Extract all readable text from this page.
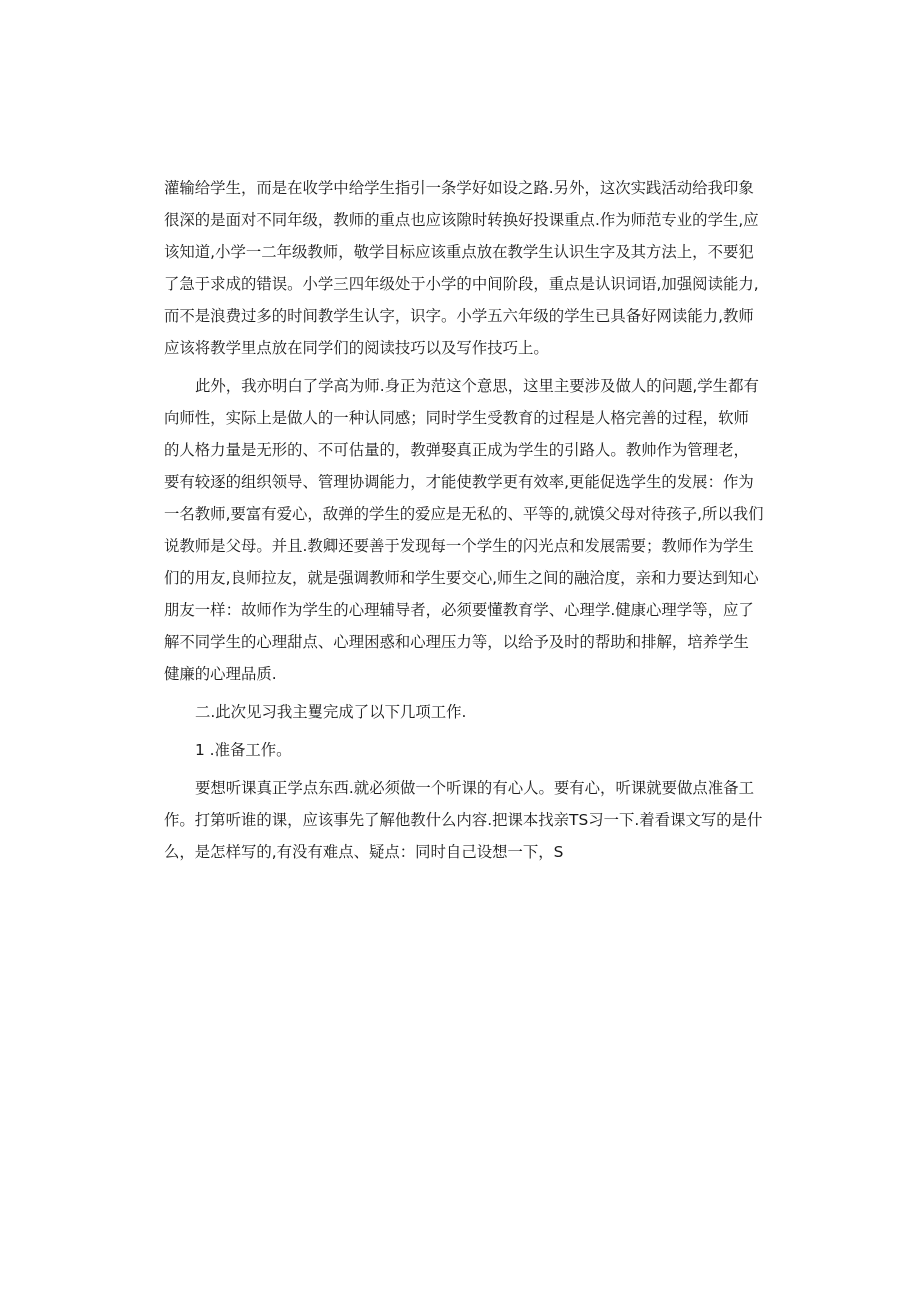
灌输给学生，而是在收学中给学生指引一条学好如设之路.另外，这次实践活动给我印象
很深的是面对不同年级，教师的重点也应该隙时转换好投课重点.作为师范专业的学生,应
该知道,小学一二年级教师，敬学目标应该重点放在教学生认识生字及其方法上，不要犯
了急于求成的错误。小学三四年级处于小学的中间阶段，重点是认识词语,加强阅读能力,
而不是浪费过多的时间教学生认字，识字。小学五六年级的学生已具备好网读能力,教师
应该将教学里点放在同学们的阅读技巧以及写作技巧上。
此外，我亦明白了学高为师.身正为范这个意思，这里主要涉及做人的问题,学生都有
向师性，实际上是做人的一种认同感；同时学生受教育的过程是人格完善的过程，软师
的人格力量是无形的、不可估量的，教弹娶真正成为学生的引路人。教帅作为管理老，
要有较逐的组织领导、管理协调能力，才能使教学更有效率,更能促选学生的发展：作为
一名教师,要富有爱心，敌弹的学生的爱应是无私的、平等的,就馍父母对待孩子,所以我们
说教师是父母。并且.教卿还要善于发现每一个学生的闪光点和发展需要；教师作为学生
们的用友,良师拉友，就是强调教师和学生要交心,师生之间的融洽度，亲和力要达到知心
朋友一样：故师作为学生的心理辅导者，必须要懂教育学、心理学.健康心理学等，应了
解不同学生的心理甜点、心理困惑和心理压力等，以给予及时的帮助和排解，培养学生
健廉的心理品质.
二.此次见习我主矍完成了以下几项工作.
1 .准备工作。
要想听课真正学点东西.就必须做一个听课的有心人。要有心，听课就要做点准备工
作。打第听谁的课，应该事先了解他教什么内容.把课本找亲TS习一下.着看课文写的是什
么，是怎样写的,有没有难点、疑点：同时自己设想一下，S
